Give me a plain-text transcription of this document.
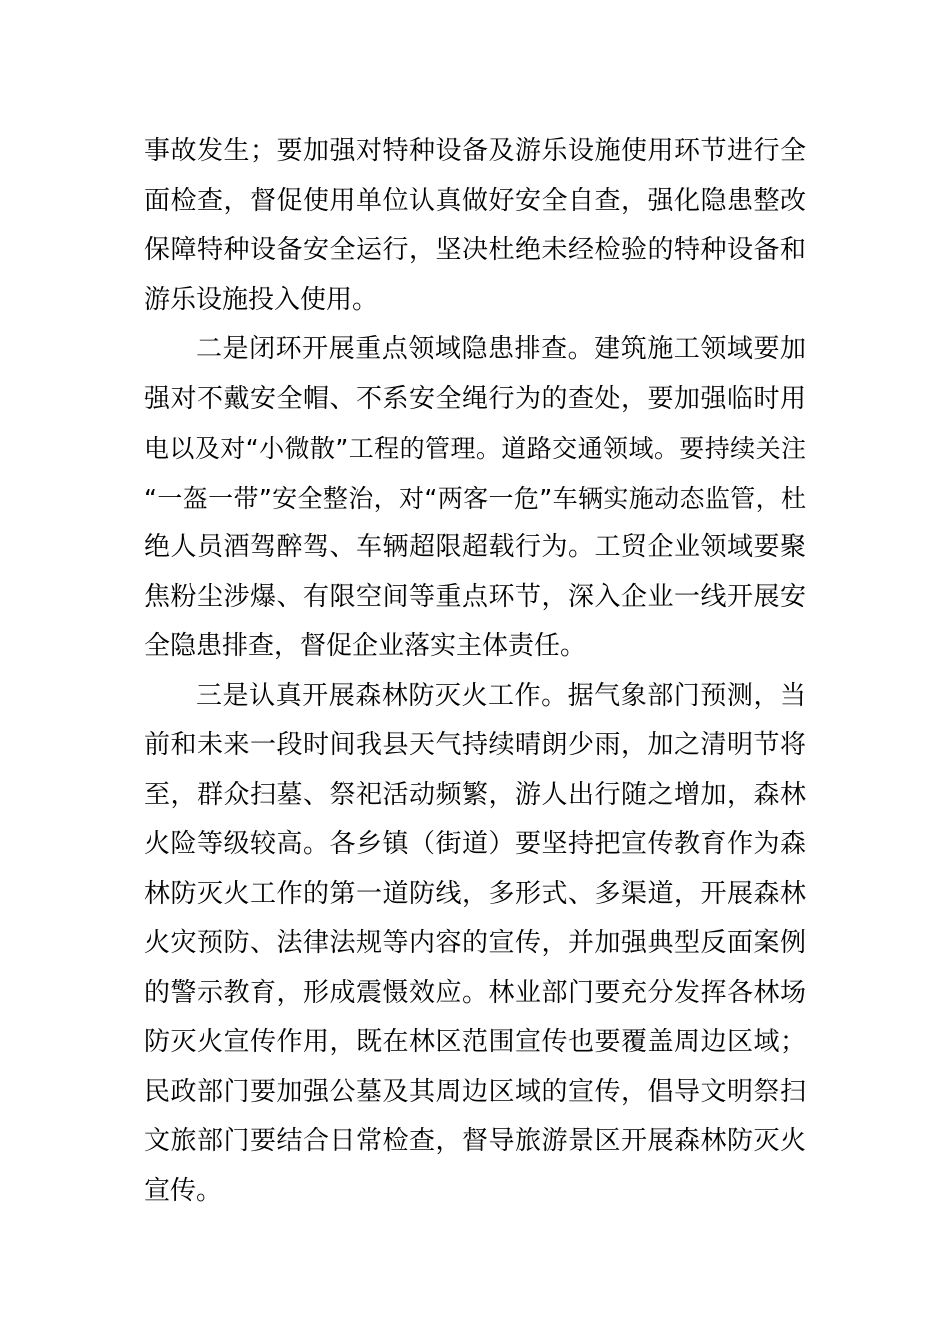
事故发生；要加强对特种设备及游乐设施使用环节进行全
面检查，督促使用单位认真做好安全自查，强化隐患整改
保障特种设备安全运行，坚决杜绝未经检验的特种设备和
游乐设施投入使用。
二是闭环开展重点领域隐患排查。建筑施工领域要加
强对不戴安全帽、不系安全绳行为的查处，要加强临时用
电以及对“小微散”工程的管理。道路交通领域。要持续关注
“一盔一带”安全整治，对“两客一危”车辆实施动态监管，杜
绝人员酒驾醉驾、车辆超限超载行为。工贸企业领域要聚
焦粉尘涉爆、有限空间等重点环节，深入企业一线开展安
全隐患排查，督促企业落实主体责任。
三是认真开展森林防灭火工作。据气象部门预测，当
前和未来一段时间我县天气持续晴朗少雨，加之清明节将
至，群众扫墓、祭祀活动频繁，游人出行随之增加，森林
火险等级较高。各乡镇（街道）要坚持把宣传教育作为森
林防灭火工作的第一道防线，多形式、多渠道，开展森林
火灾预防、法律法规等内容的宣传，并加强典型反面案例
的警示教育，形成震慑效应。林业部门要充分发挥各林场
防灭火宣传作用，既在林区范围宣传也要覆盖周边区域；
民政部门要加强公墓及其周边区域的宣传，倡导文明祭扫
文旅部门要结合日常检查，督导旅游景区开展森林防灭火
宣传。
